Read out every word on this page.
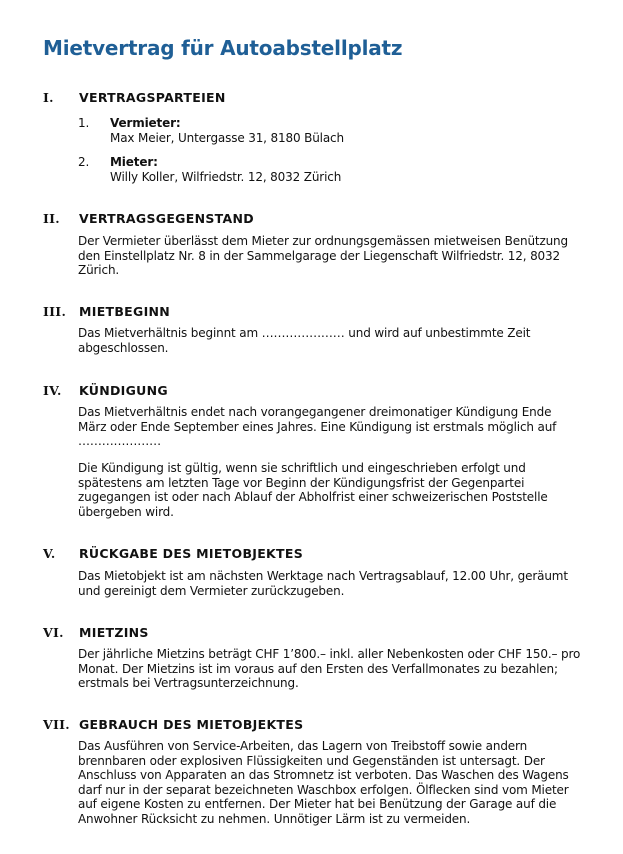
Mietvertrag für Autoabstellplatz
I. VERTRAGSPARTEIEN
1. Vermieter:
Max Meier, Untergasse 31, 8180 Bülach
2. Mieter:
Willy Koller, Wilfriedstr. 12, 8032 Zürich
II. VERTRAGSGEGENSTAND
Der Vermieter überlässt dem Mieter zur ordnungsgemässen mietweisen Benützung den Einstellplatz Nr. 8 in der Sammelgarage der Liegenschaft Wilfriedstr. 12, 8032 Zürich.
III. MIETBEGINN
Das Mietverhältnis beginnt am ………………… und wird auf unbestimmte Zeit abgeschlossen.
IV. KÜNDIGUNG
Das Mietverhältnis endet nach vorangegangener dreimonatiger Kündigung Ende März oder Ende September eines Jahres. Eine Kündigung ist erstmals möglich auf …………………
Die Kündigung ist gültig, wenn sie schriftlich und eingeschrieben erfolgt und spätestens am letzten Tage vor Beginn der Kündigungsfrist der Gegenpartei zugegangen ist oder nach Ablauf der Abholfrist einer schweizerischen Poststelle übergeben wird.
V. RÜCKGABE DES MIETOBJEKTES
Das Mietobjekt ist am nächsten Werktage nach Vertragsablauf, 12.00 Uhr, geräumt und gereinigt dem Vermieter zurückzugeben.
VI. MIETZINS
Der jährliche Mietzins beträgt CHF 1’800.– inkl. aller Nebenkosten oder CHF 150.– pro Monat. Der Mietzins ist im voraus auf den Ersten des Verfallmonates zu bezahlen; erstmals bei Vertragsunterzeichnung.
VII. GEBRAUCH DES MIETOBJEKTES
Das Ausführen von Service-Arbeiten, das Lagern von Treibstoff sowie andern brennbaren oder explosiven Flüssigkeiten und Gegenständen ist untersagt. Der Anschluss von Apparaten an das Stromnetz ist verboten. Das Waschen des Wagens darf nur in der separat bezeichneten Waschbox erfolgen. Ölflecken sind vom Mieter auf eigene Kosten zu entfernen. Der Mieter hat bei Benützung der Garage auf die Anwohner Rücksicht zu nehmen. Unnötiger Lärm ist zu vermeiden.
